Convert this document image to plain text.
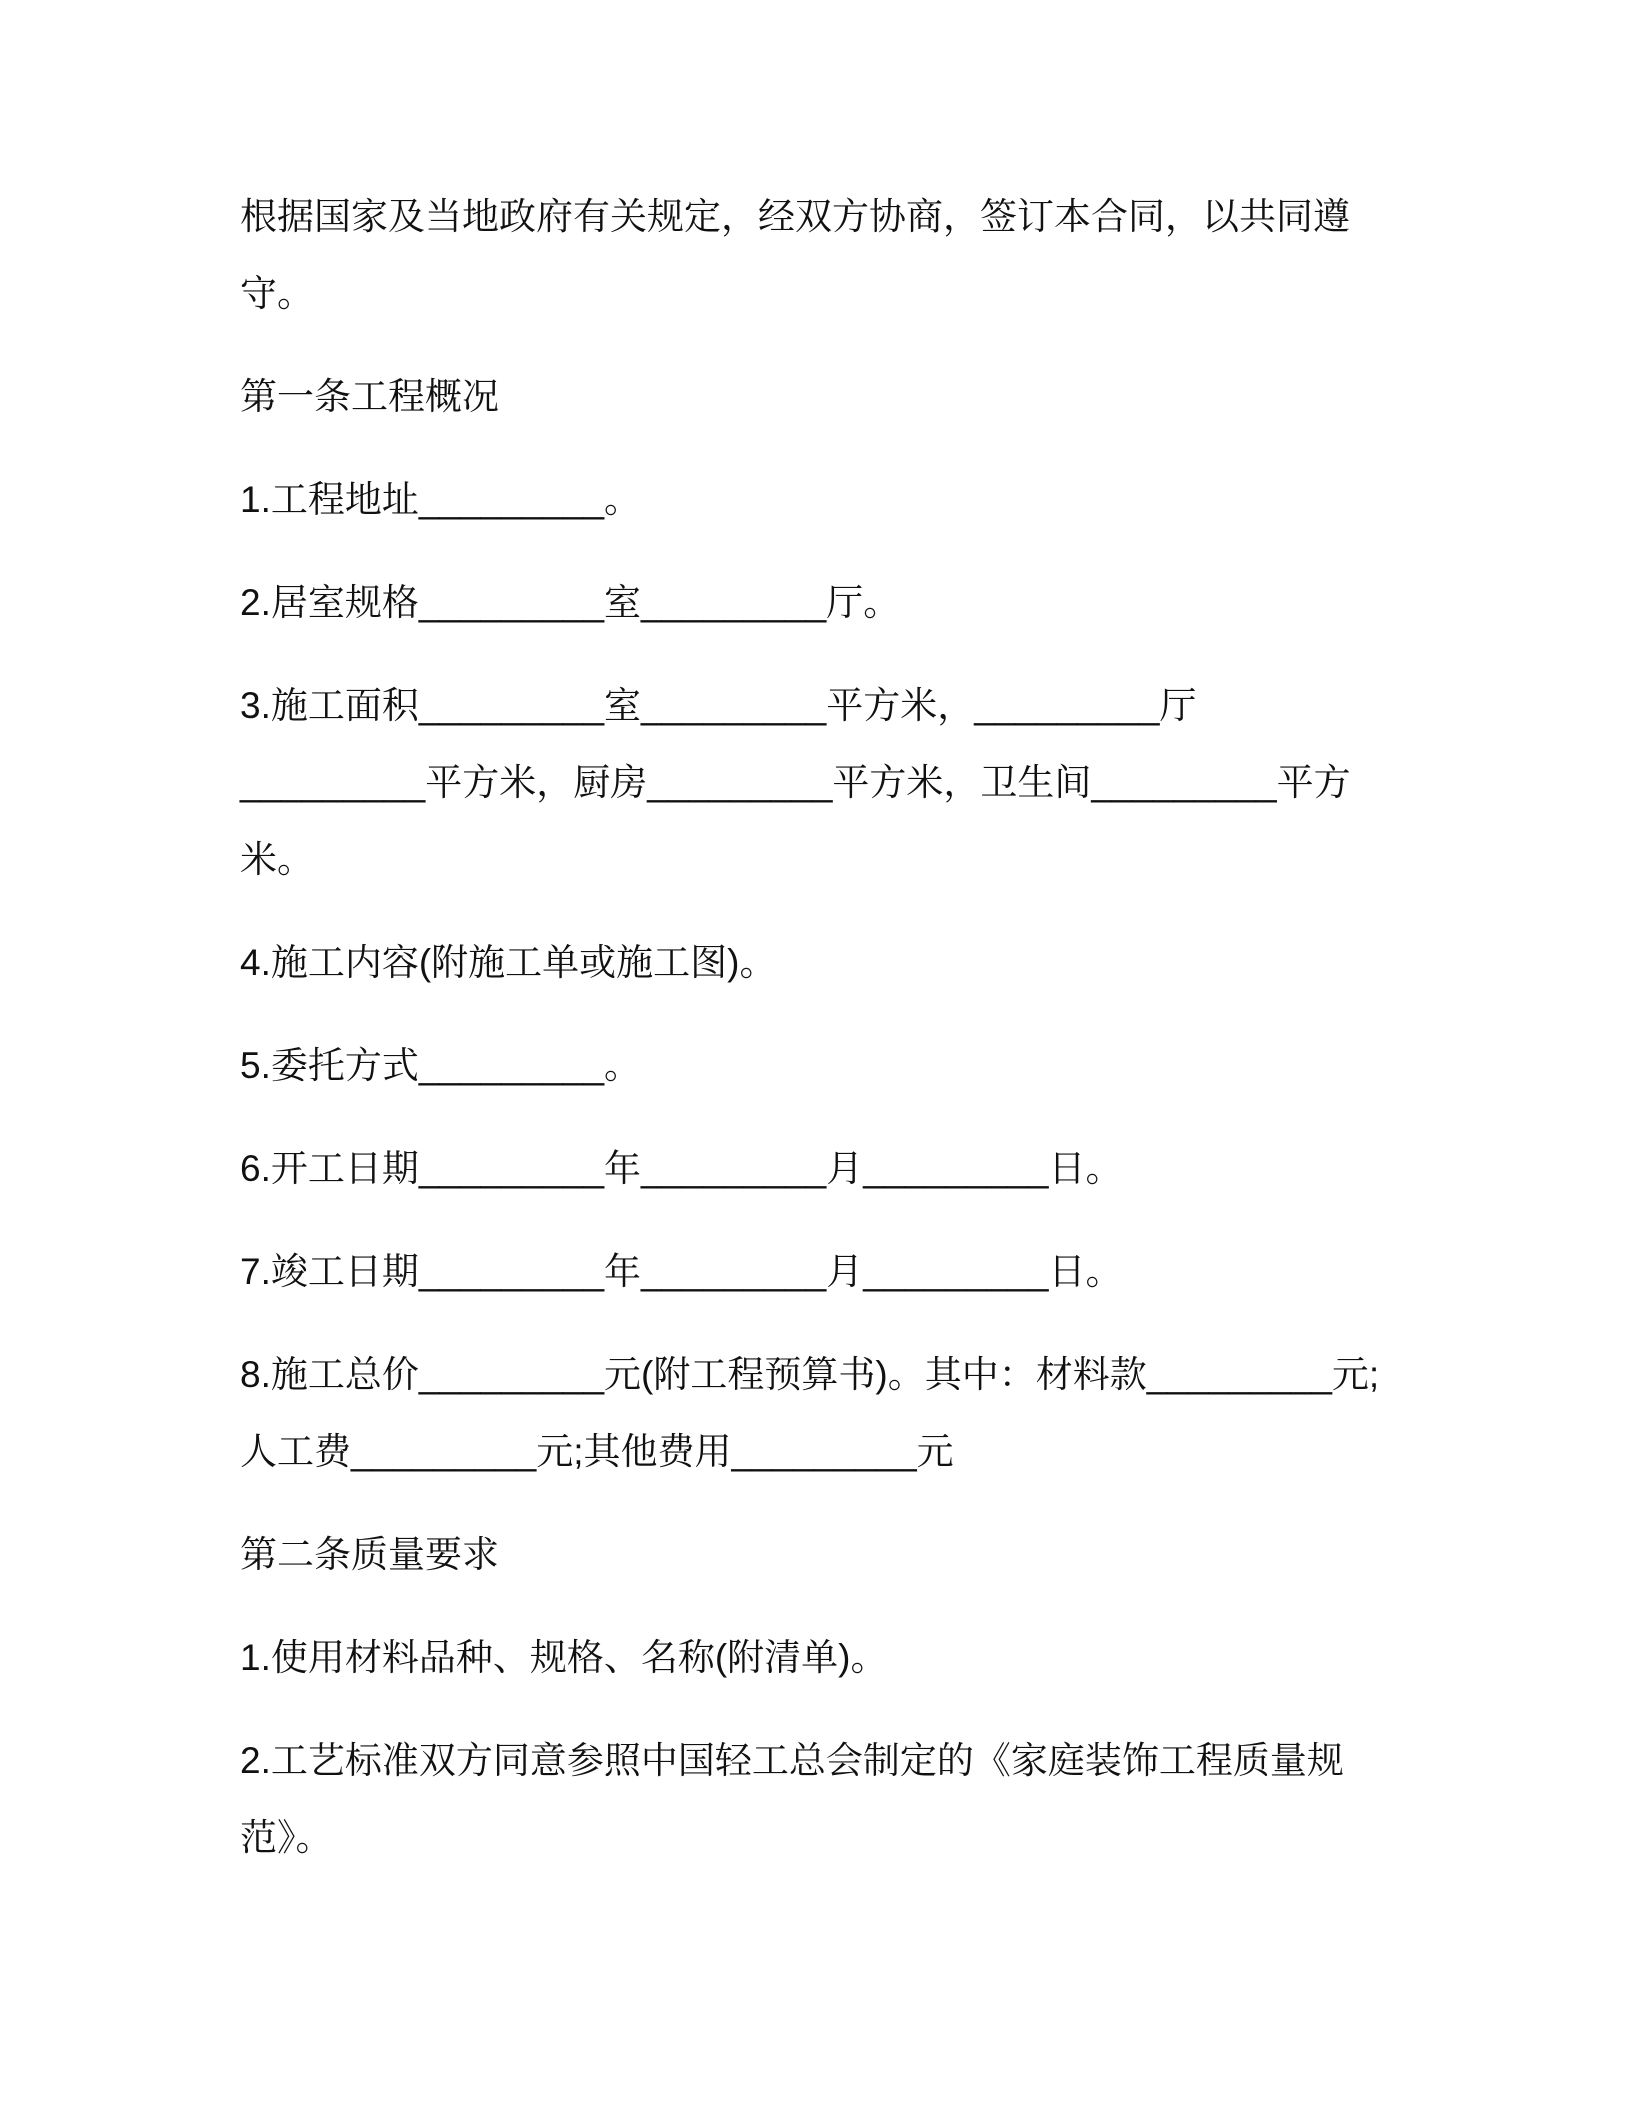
根据国家及当地政府有关规定，经双方协商，签订本合同，以共同遵
守。
第一条工程概况
1.工程地址_________。
2.居室规格_________室_________厅。
3.施工面积_________室_________平方米，_________厅
_________平方米，厨房_________平方米，卫生间_________平方
米。
4.施工内容(附施工单或施工图)。
5.委托方式_________。
6.开工日期_________年_________月_________日。
7.竣工日期_________年_________月_________日。
8.施工总价_________元(附工程预算书)。其中：材料款_________元;
人工费_________元;其他费用_________元
第二条质量要求
1.使用材料品种、规格、名称(附清单)。
2.工艺标准双方同意参照中国轻工总会制定的《家庭装饰工程质量规
范》。
